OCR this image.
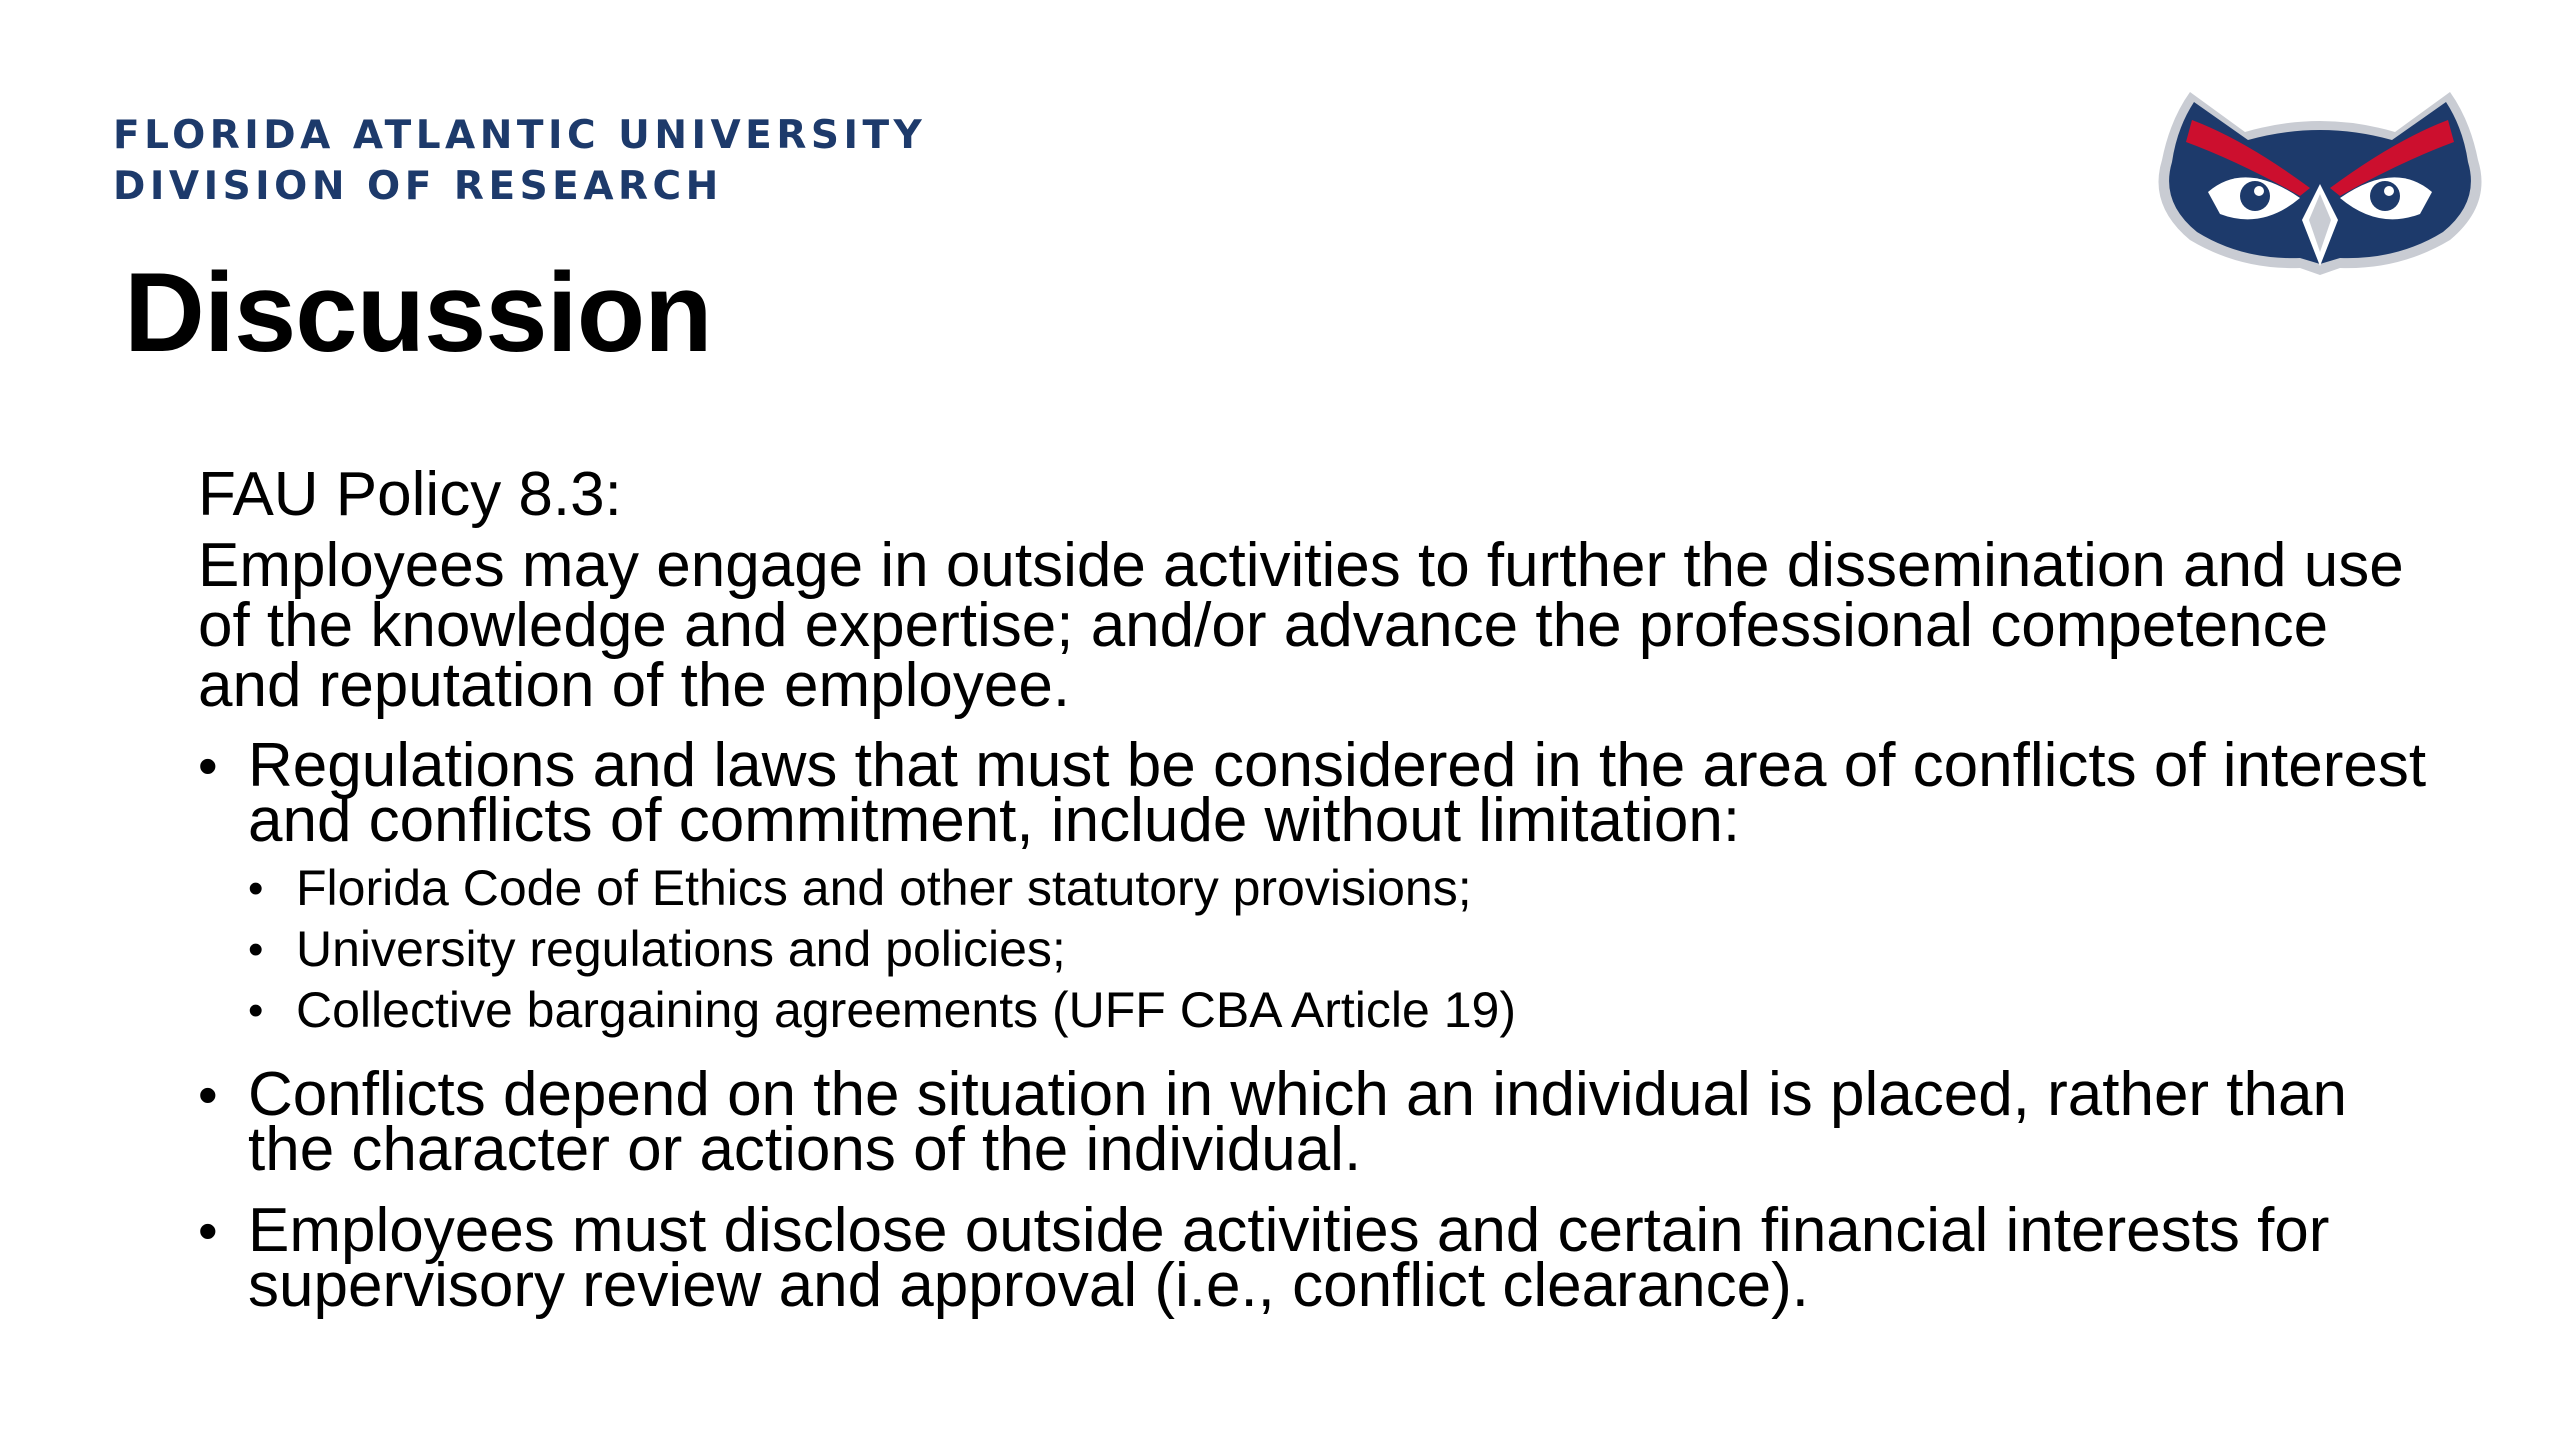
FLORIDA ATLANTIC UNIVERSITY
DIVISION OF RESEARCH
Discussion
FAU Policy 8.3:
Employees may engage in outside activities to further the dissemination and use of the knowledge and expertise; and/or advance the professional competence and reputation of the employee.
• Regulations and laws that must be considered in the area of conflicts of interest and conflicts of commitment, include without limitation:
• Florida Code of Ethics and other statutory provisions;
• University regulations and policies;
• Collective bargaining agreements (UFF CBA Article 19)
• Conflicts depend on the situation in which an individual is placed, rather than the character or actions of the individual.
• Employees must disclose outside activities and certain financial interests for supervisory review and approval (i.e., conflict clearance).
